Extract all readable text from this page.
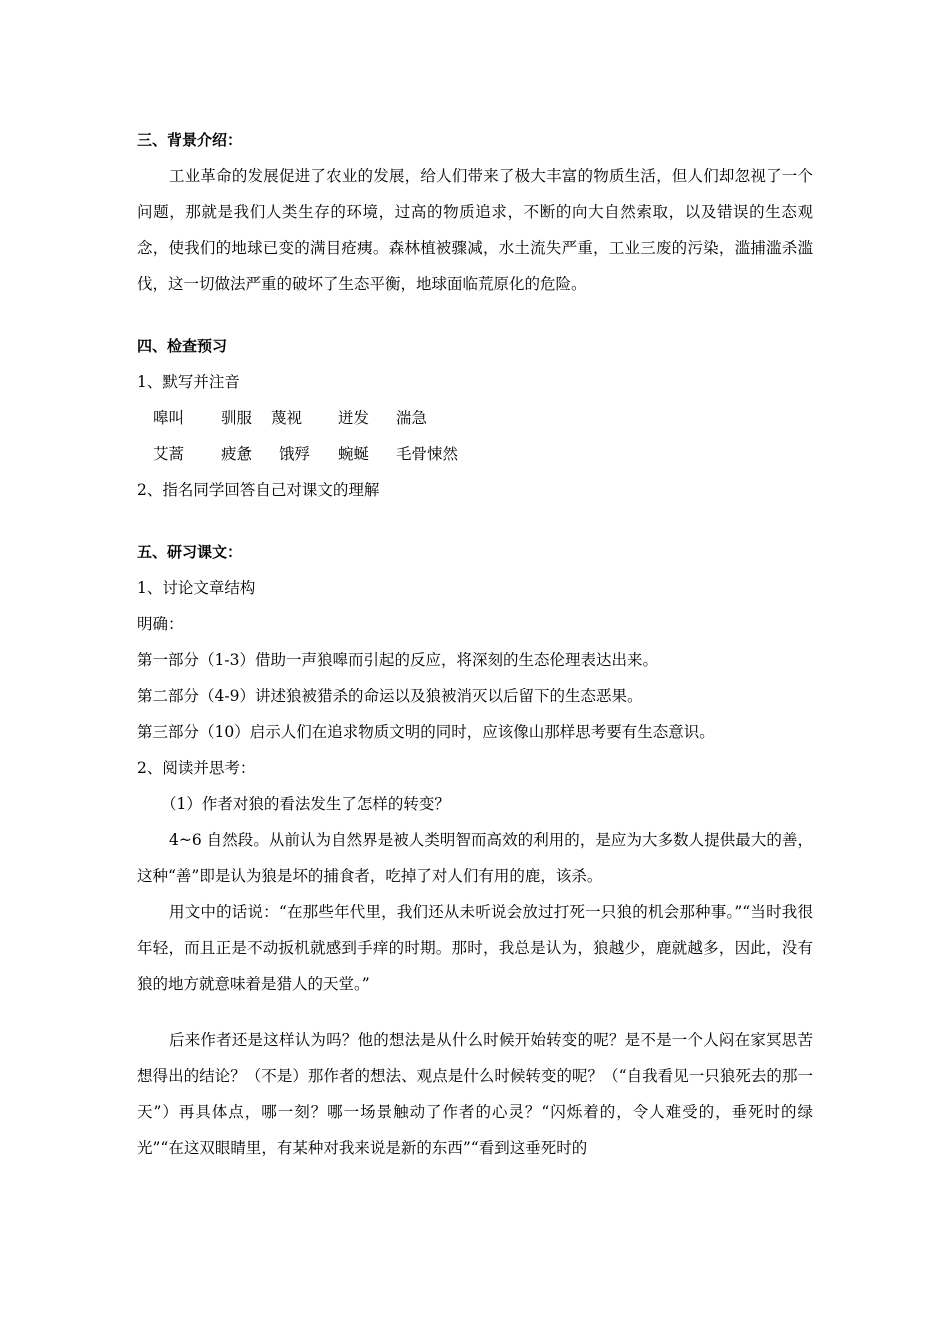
三、背景介绍：

工业革命的发展促进了农业的发展，给人们带来了极大丰富的物质生活，但人们却忽视了一个问题，那就是我们人类生存的环境，过高的物质追求，不断的向大自然索取，以及错误的生态观念，使我们的地球已变的满目疮痍。森林植被骤减，水土流失严重，工业三废的污染，滥捕滥杀滥伐，这一切做法严重的破坏了生态平衡，地球面临荒原化的危险。

四、检查预习

1、默写并注音

嗥叫	驯服	蔑视	迸发	湍急
艾蒿	疲惫	饿殍	蜿蜒	毛骨悚然

2、指名同学回答自己对课文的理解

五、研习课文：

1、讨论文章结构

明确：

第一部分（1-3）借助一声狼嗥而引起的反应，将深刻的生态伦理表达出来。

第二部分（4-9）讲述狼被猎杀的命运以及狼被消灭以后留下的生态恶果。

第三部分（10）启示人们在追求物质文明的同时，应该像山那样思考要有生态意识。

2、阅读并思考：

（1）作者对狼的看法发生了怎样的转变？

4~6 自然段。从前认为自然界是被人类明智而高效的利用的，是应为大多数人提供最大的善，这种“善”即是认为狼是坏的捕食者，吃掉了对人们有用的鹿，该杀。

用文中的话说：“在那些年代里，我们还从未听说会放过打死一只狼的机会那种事。”“当时我很年轻，而且正是不动扳机就感到手痒的时期。那时，我总是认为，狼越少，鹿就越多，因此，没有狼的地方就意味着是猎人的天堂。”

后来作者还是这样认为吗？他的想法是从什么时候开始转变的呢？是不是一个人闷在家冥思苦想得出的结论？（不是）那作者的想法、观点是什么时候转变的呢？（“自我看见一只狼死去的那一天”）再具体点，哪一刻？哪一场景触动了作者的心灵？“闪烁着的，令人难受的，垂死时的绿光”“在这双眼睛里，有某种对我来说是新的东西”“看到这垂死时的
